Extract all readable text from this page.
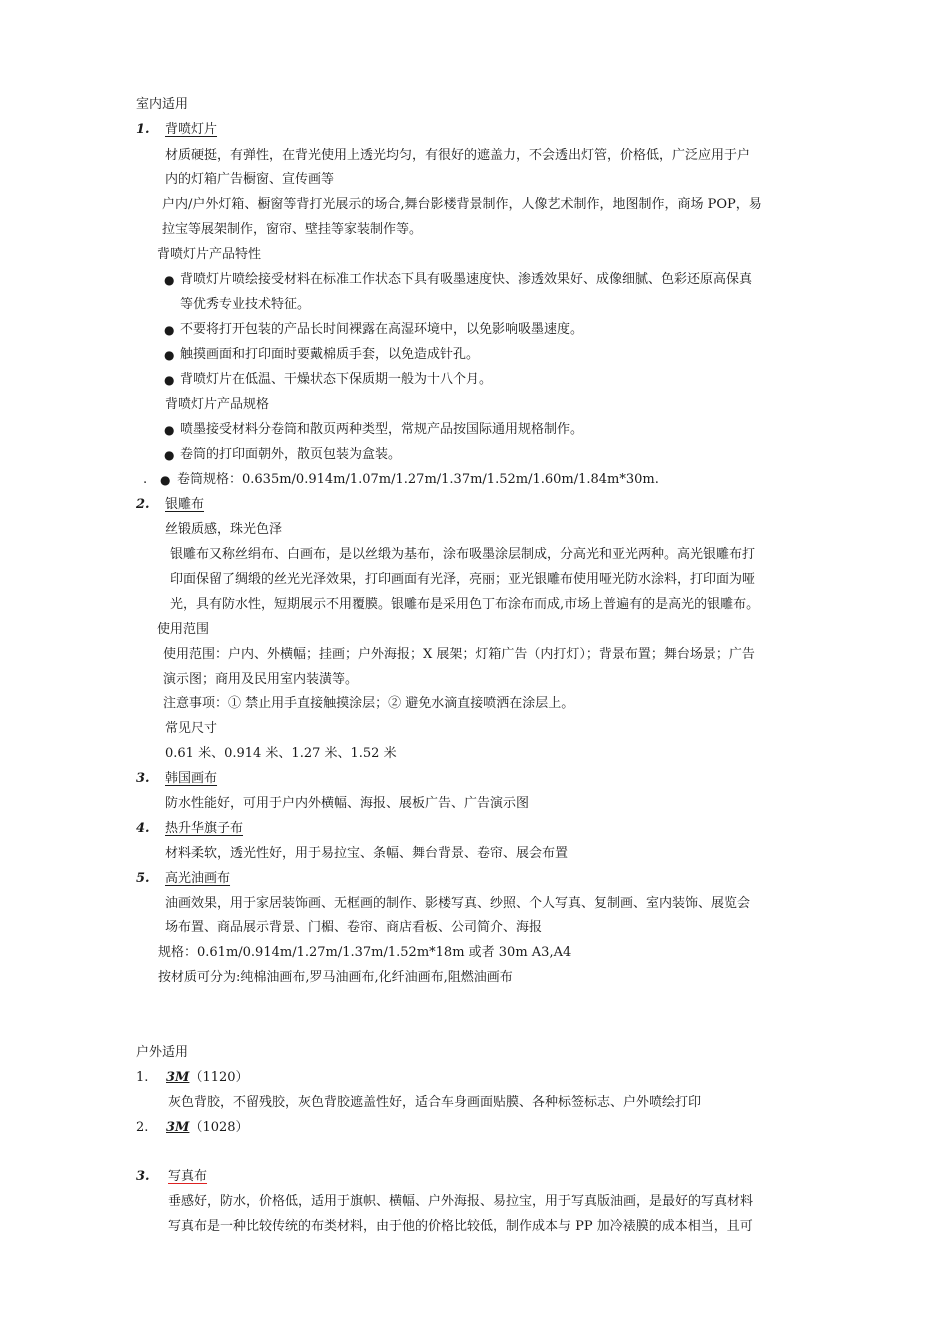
室内适用
1. 背喷灯片
材质硬挺，有弹性，在背光使用上透光均匀，有很好的遮盖力，不会透出灯管，价格低，广泛应用于户
内的灯箱广告橱窗、宣传画等
户内/户外灯箱、橱窗等背打光展示的场合,舞台影楼背景制作，人像艺术制作，地图制作，商场 POP，易
拉宝等展架制作，窗帘、壁挂等家装制作等。
背喷灯片产品特性
● 背喷灯片喷绘接受材料在标准工作状态下具有吸墨速度快、渗透效果好、成像细腻、色彩还原高保真
等优秀专业技术特征。
● 不要将打开包装的产品长时间裸露在高湿环境中，以免影响吸墨速度。
● 触摸画面和打印面时要戴棉质手套，以免造成针孔。
● 背喷灯片在低温、干燥状态下保质期一般为十八个月。
背喷灯片产品规格
● 喷墨接受材料分卷筒和散页两种类型，常规产品按国际通用规格制作。
● 卷筒的打印面朝外，散页包装为盒装。
. ● 卷筒规格：0.635m/0.914m/1.07m/1.27m/1.37m/1.52m/1.60m/1.84m*30m.
2. 银雕布
丝锻质感，珠光色泽
银雕布又称丝绢布、白画布，是以丝缎为基布，涂布吸墨涂层制成，分高光和亚光两种。高光银雕布打
印面保留了绸缎的丝光光泽效果，打印画面有光泽，亮丽；亚光银雕布使用哑光防水涂料，打印面为哑
光，具有防水性，短期展示不用覆膜。银雕布是采用色丁布涂布而成,市场上普遍有的是高光的银雕布。
使用范围
使用范围：户内、外横幅；挂画；户外海报；X 展架；灯箱广告（内打灯）；背景布置；舞台场景；广告
演示图；商用及民用室内装潢等。
注意事项：① 禁止用手直接触摸涂层；② 避免水滴直接喷洒在涂层上。
常见尺寸
0.61 米、0.914 米、1.27 米、1.52 米
3. 韩国画布
防水性能好，可用于户内外横幅、海报、展板广告、广告演示图
4. 热升华旗子布
材料柔软，透光性好，用于易拉宝、条幅、舞台背景、卷帘、展会布置
5. 高光油画布
油画效果，用于家居装饰画、无框画的制作、影楼写真、纱照、个人写真、复制画、室内装饰、展览会
场布置、商品展示背景、门楣、卷帘、商店看板、公司简介、海报
规格：0.61m/0.914m/1.27m/1.37m/1.52m*18m 或者 30m A3,A4
按材质可分为:纯棉油画布,罗马油画布,化纤油画布,阻燃油画布
户外适用
1. 3M（1120）
灰色背胶，不留残胶，灰色背胶遮盖性好，适合车身画面贴膜、各种标签标志、户外喷绘打印
2. 3M（1028）
3. 写真布
垂感好，防水，价格低，适用于旗帜、横幅、户外海报、易拉宝，用于写真版油画，是最好的写真材料
写真布是一种比较传统的布类材料，由于他的价格比较低，制作成本与 PP 加冷裱膜的成本相当，且可
